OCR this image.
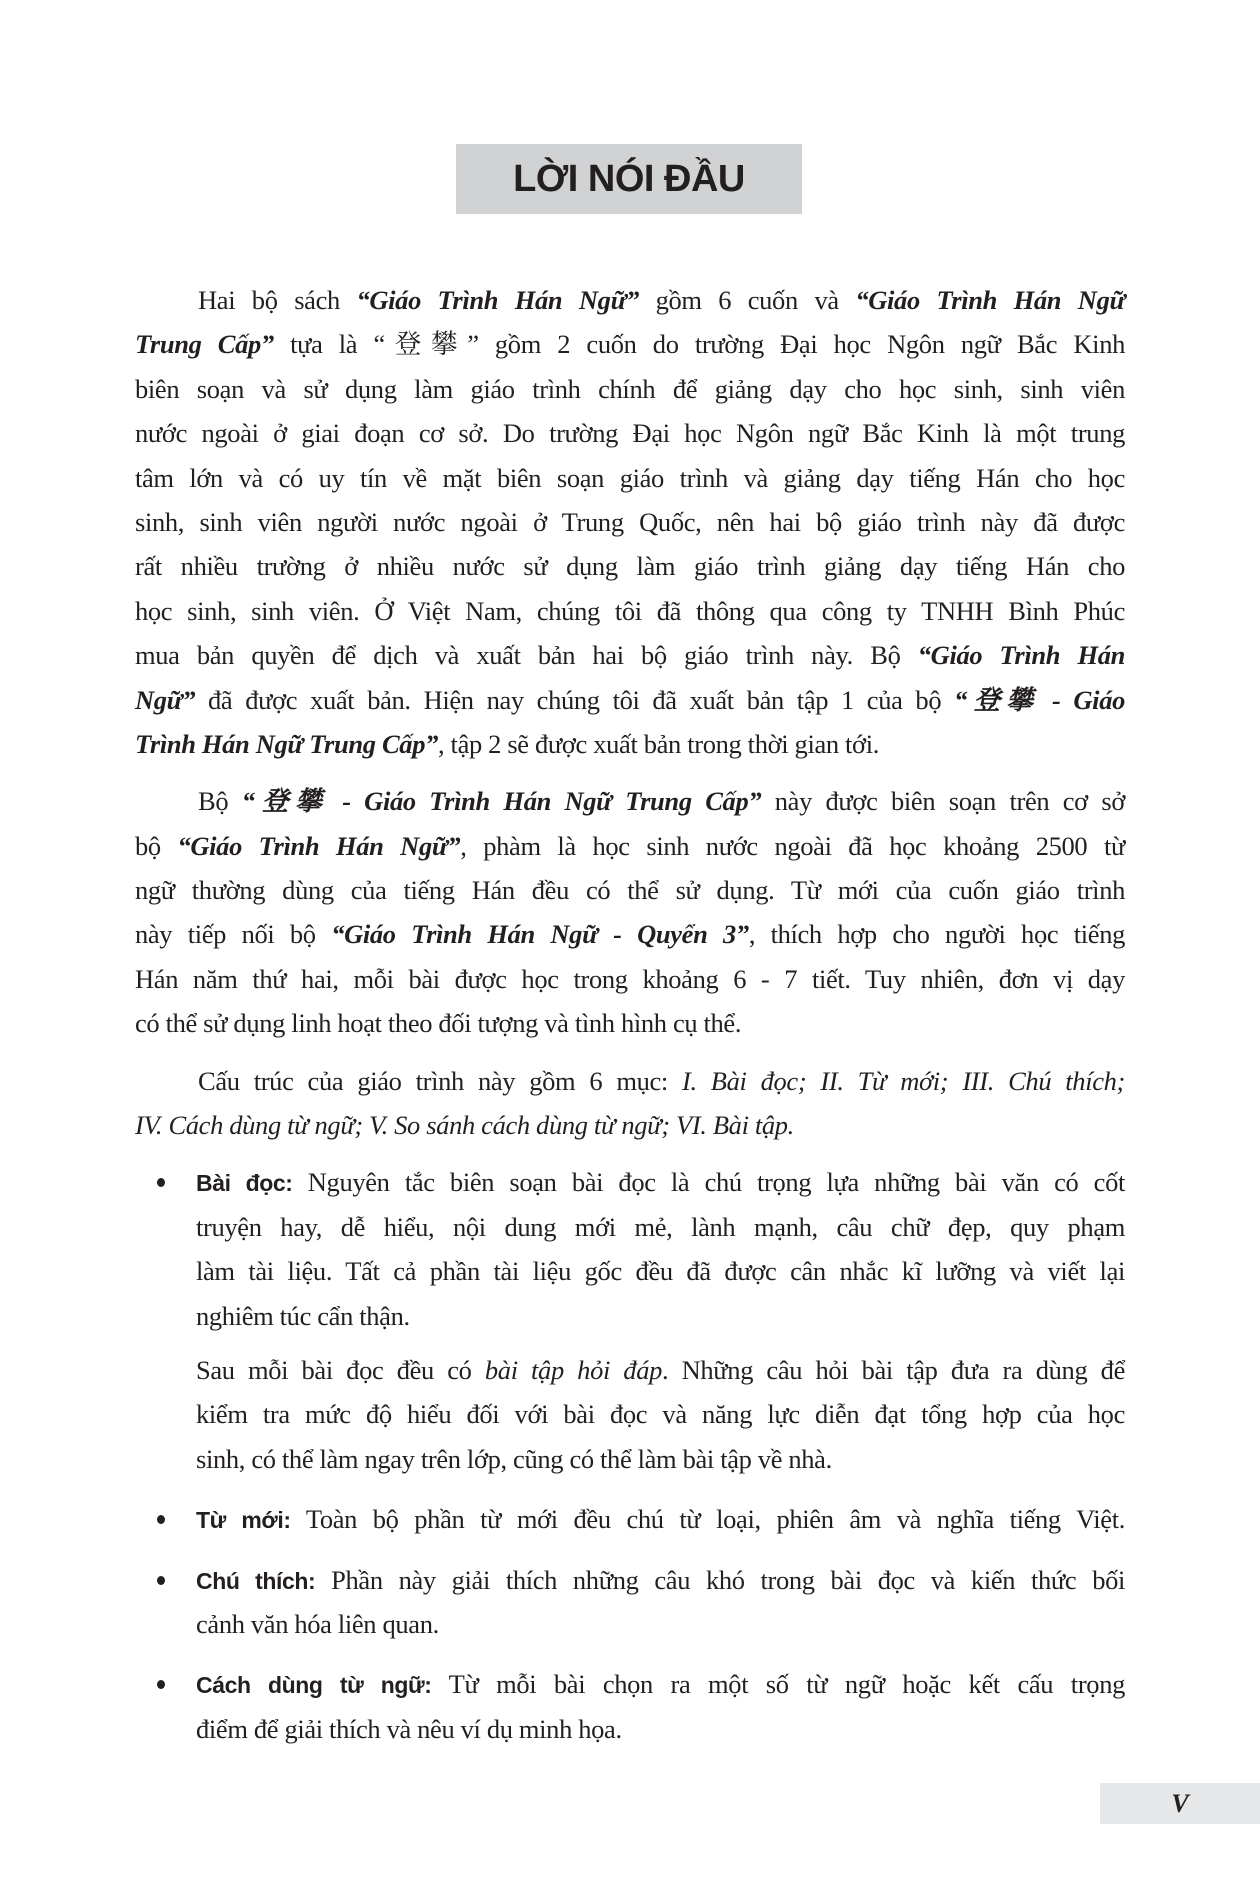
LỜI NÓI ĐẦU
Hai bộ sách “Giáo Trình Hán Ngữ” gồm 6 cuốn và “Giáo Trình Hán Ngữ
Trung Cấp” tựa là “登攀” gồm 2 cuốn do trường Đại học Ngôn ngữ Bắc Kinh
biên soạn và sử dụng làm giáo trình chính để giảng dạy cho học sinh, sinh viên
nước ngoài ở giai đoạn cơ sở. Do trường Đại học Ngôn ngữ Bắc Kinh là một trung
tâm lớn và có uy tín về mặt biên soạn giáo trình và giảng dạy tiếng Hán cho học
sinh, sinh viên người nước ngoài ở Trung Quốc, nên hai bộ giáo trình này đã được
rất nhiều trường ở nhiều nước sử dụng làm giáo trình giảng dạy tiếng Hán cho
học sinh, sinh viên. Ở Việt Nam, chúng tôi đã thông qua công ty TNHH Bình Phúc
mua bản quyền để dịch và xuất bản hai bộ giáo trình này. Bộ “Giáo Trình Hán
Ngữ” đã được xuất bản. Hiện nay chúng tôi đã xuất bản tập 1 của bộ “登攀 - Giáo
Trình Hán Ngữ Trung Cấp”, tập 2 sẽ được xuất bản trong thời gian tới.
Bộ “登攀 - Giáo Trình Hán Ngữ Trung Cấp” này được biên soạn trên cơ sở
bộ “Giáo Trình Hán Ngữ”, phàm là học sinh nước ngoài đã học khoảng 2500 từ
ngữ thường dùng của tiếng Hán đều có thể sử dụng. Từ mới của cuốn giáo trình
này tiếp nối bộ “Giáo Trình Hán Ngữ - Quyển 3”, thích hợp cho người học tiếng
Hán năm thứ hai, mỗi bài được học trong khoảng 6 - 7 tiết. Tuy nhiên, đơn vị dạy
có thể sử dụng linh hoạt theo đối tượng và tình hình cụ thể.
Cấu trúc của giáo trình này gồm 6 mục: I. Bài đọc; II. Từ mới; III. Chú thích;
IV. Cách dùng từ ngữ; V. So sánh cách dùng từ ngữ; VI. Bài tập.
Bài đọc: Nguyên tắc biên soạn bài đọc là chú trọng lựa những bài văn có cốt
truyện hay, dễ hiểu, nội dung mới mẻ, lành mạnh, câu chữ đẹp, quy phạm
làm tài liệu. Tất cả phần tài liệu gốc đều đã được cân nhắc kĩ lưỡng và viết lại
nghiêm túc cẩn thận.
Sau mỗi bài đọc đều có bài tập hỏi đáp. Những câu hỏi bài tập đưa ra dùng để
kiểm tra mức độ hiểu đối với bài đọc và năng lực diễn đạt tổng hợp của học
sinh, có thể làm ngay trên lớp, cũng có thể làm bài tập về nhà.
Từ mới: Toàn bộ phần từ mới đều chú từ loại, phiên âm và nghĩa tiếng Việt.
Chú thích: Phần này giải thích những câu khó trong bài đọc và kiến thức bối
cảnh văn hóa liên quan.
Cách dùng từ ngữ: Từ mỗi bài chọn ra một số từ ngữ hoặc kết cấu trọng
điểm để giải thích và nêu ví dụ minh họa.
V
